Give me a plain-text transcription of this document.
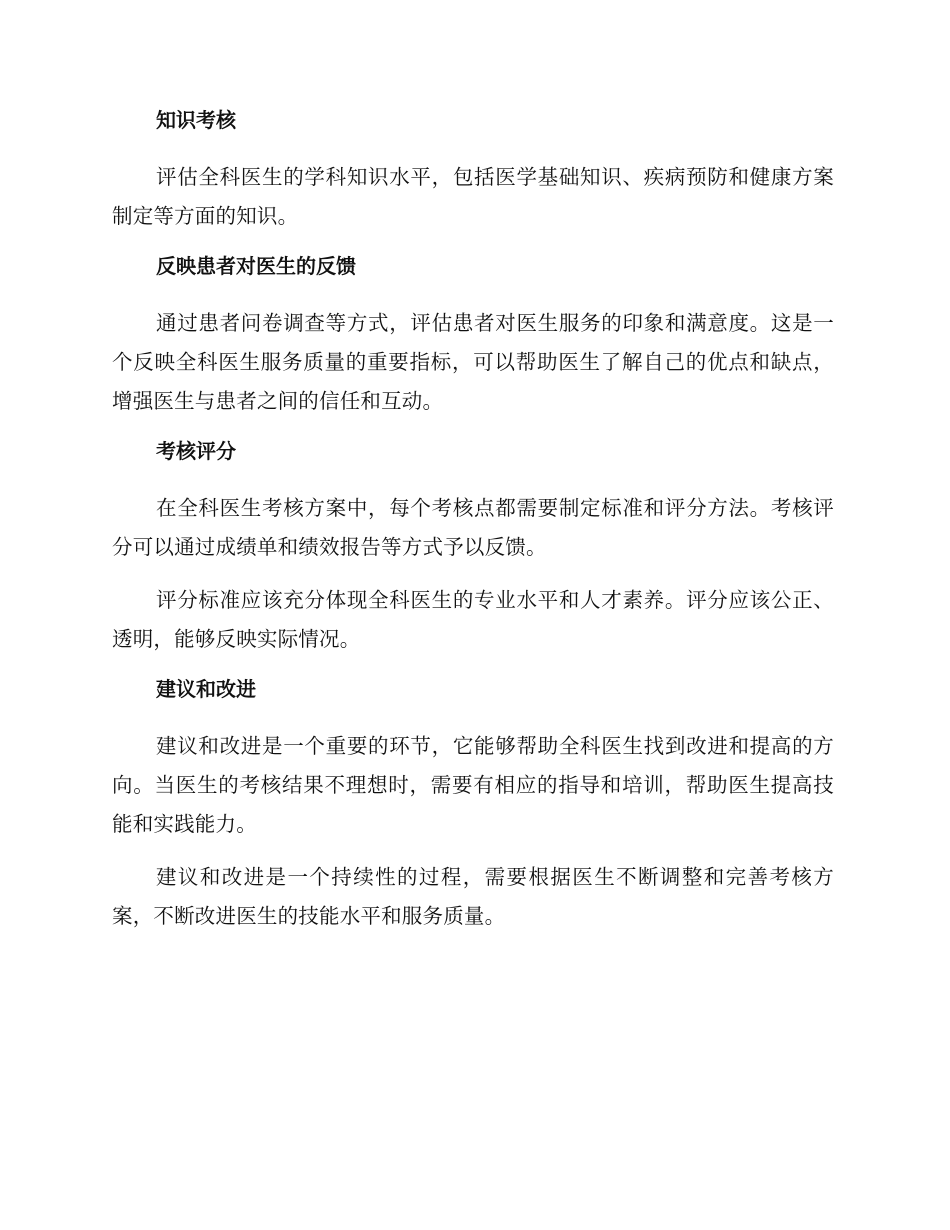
知识考核

评估全科医生的学科知识水平，包括医学基础知识、疾病预防和健康方案制定等方面的知识。

反映患者对医生的反馈

通过患者问卷调查等方式，评估患者对医生服务的印象和满意度。这是一个反映全科医生服务质量的重要指标，可以帮助医生了解自己的优点和缺点，增强医生与患者之间的信任和互动。

考核评分

在全科医生考核方案中，每个考核点都需要制定标准和评分方法。考核评分可以通过成绩单和绩效报告等方式予以反馈。

评分标准应该充分体现全科医生的专业水平和人才素养。评分应该公正、透明，能够反映实际情况。

建议和改进

建议和改进是一个重要的环节，它能够帮助全科医生找到改进和提高的方向。当医生的考核结果不理想时，需要有相应的指导和培训，帮助医生提高技能和实践能力。

建议和改进是一个持续性的过程，需要根据医生不断调整和完善考核方案，不断改进医生的技能水平和服务质量。
